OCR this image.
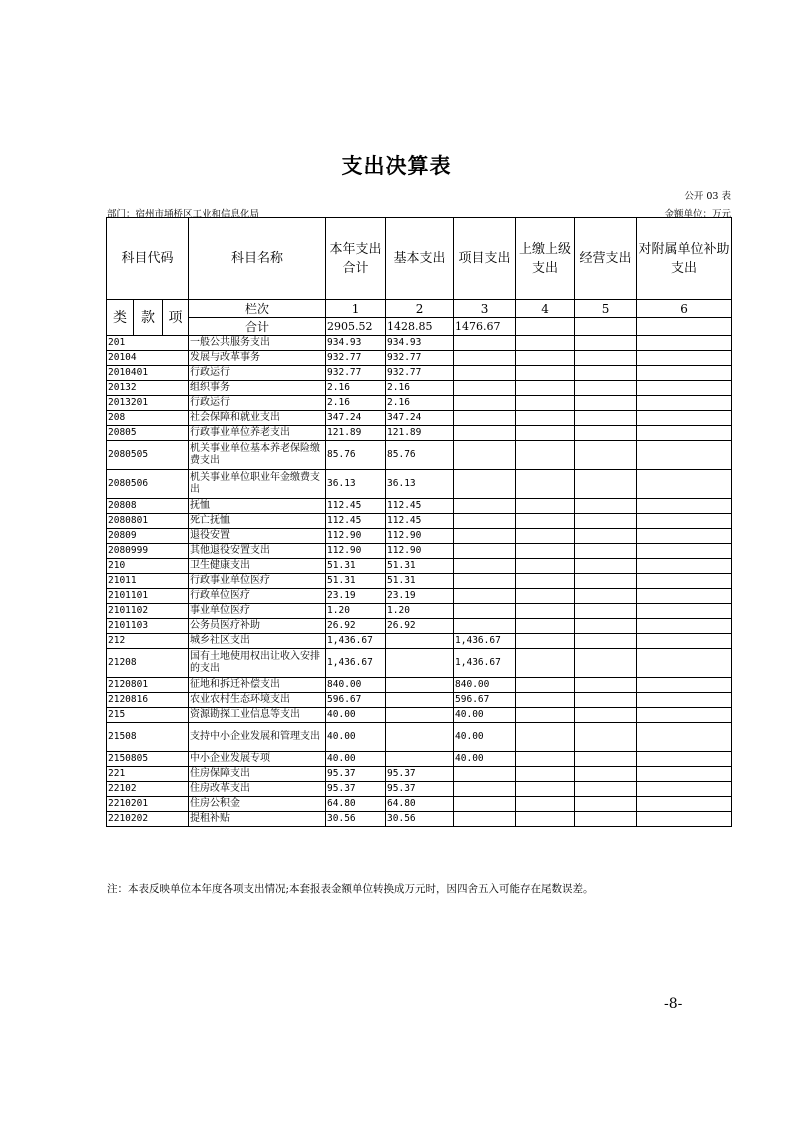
支出决算表
公开 03 表
部门：宿州市埇桥区工业和信息化局	金额单位：万元
科目代码			科目名称	本年支出合计	基本支出	项目支出	上缴上级支出	经营支出	对附属单位补助支出
类	款	项	栏次	1	2	3	4	5	6
			合计	2905.52	1428.85	1476.67			
201			一般公共服务支出	934.93	934.93				
20104			发展与改革事务	932.77	932.77				
2010401			行政运行	932.77	932.77				
20132			组织事务	2.16	2.16				
2013201			行政运行	2.16	2.16				
208			社会保障和就业支出	347.24	347.24				
20805			行政事业单位养老支出	121.89	121.89				
2080505			机关事业单位基本养老保险缴费支出	85.76	85.76				
2080506			机关事业单位职业年金缴费支出	36.13	36.13				
20808			抚恤	112.45	112.45				
2080801			死亡抚恤	112.45	112.45				
20809			退役安置	112.90	112.90				
2080999			其他退役安置支出	112.90	112.90				
210			卫生健康支出	51.31	51.31				
21011			行政事业单位医疗	51.31	51.31				
2101101			行政单位医疗	23.19	23.19				
2101102			事业单位医疗	1.20	1.20				
2101103			公务员医疗补助	26.92	26.92				
212			城乡社区支出	1,436.67		1,436.67			
21208			国有土地使用权出让收入安排的支出	1,436.67		1,436.67			
2120801			征地和拆迁补偿支出	840.00		840.00			
2120816			农业农村生态环境支出	596.67		596.67			
215			资源勘探工业信息等支出	40.00		40.00			
21508			支持中小企业发展和管理支出	40.00		40.00			
2150805			中小企业发展专项	40.00		40.00			
221			住房保障支出	95.37	95.37				
22102			住房改革支出	95.37	95.37				
2210201			住房公积金	64.80	64.80				
2210202			提租补贴	30.56	30.56				
注：本表反映单位本年度各项支出情况;本套报表金额单位转换成万元时，因四舍五入可能存在尾数误差。
-8-
